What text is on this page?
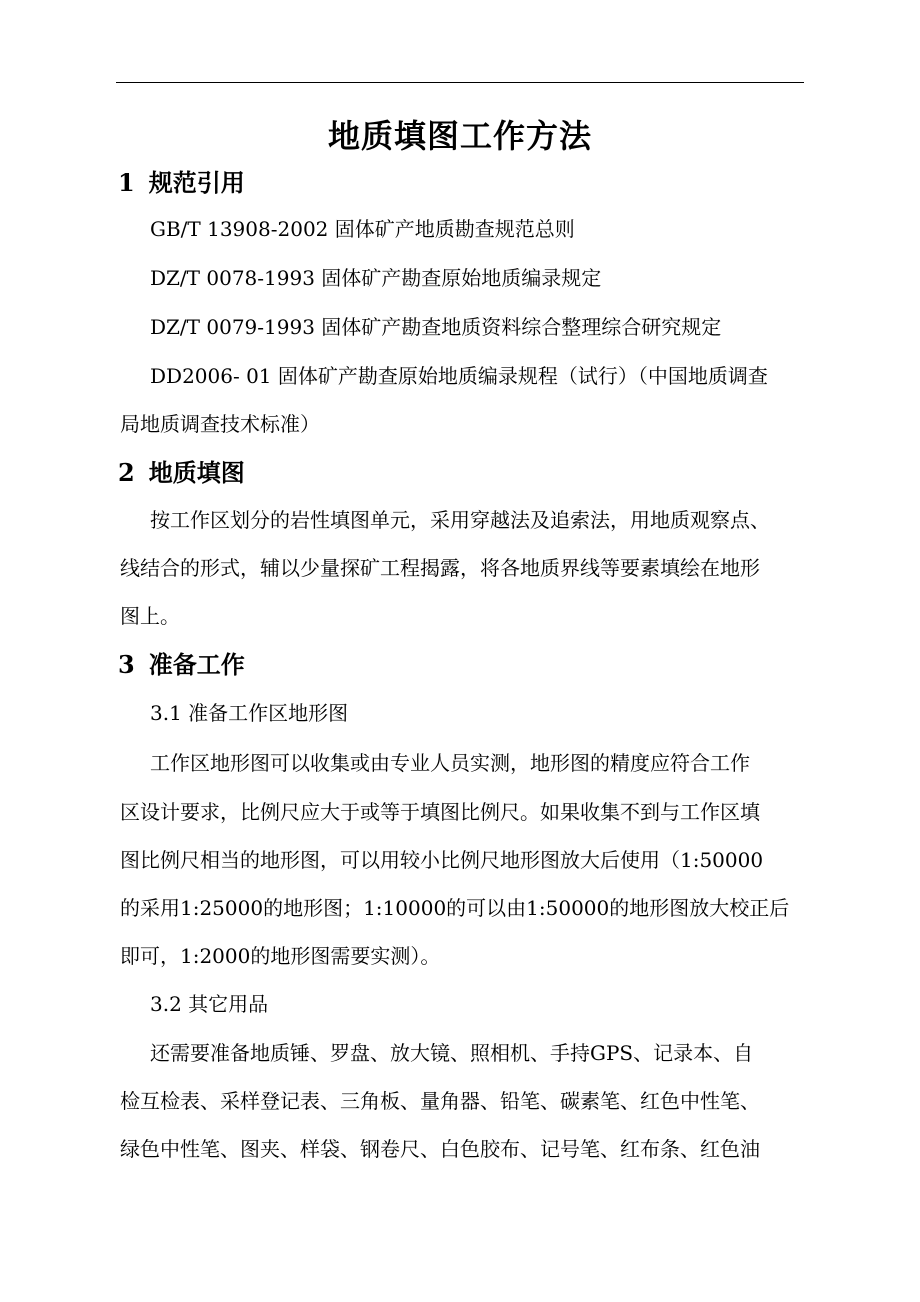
地质填图工作方法
1 规范引用
GB/T 13908-2002 固体矿产地质勘查规范总则
DZ/T 0078-1993 固体矿产勘查原始地质编录规定
DZ/T 0079-1993 固体矿产勘查地质资料综合整理综合研究规定
DD2006- 01 固体矿产勘查原始地质编录规程（试行）（中国地质调查
局地质调查技术标准）
2 地质填图
按工作区划分的岩性填图单元，采用穿越法及追索法，用地质观察点、
线结合的形式，辅以少量探矿工程揭露，将各地质界线等要素填绘在地形
图上。
3 准备工作
3.1 准备工作区地形图
工作区地形图可以收集或由专业人员实测，地形图的精度应符合工作
区设计要求，比例尺应大于或等于填图比例尺。如果收集不到与工作区填
图比例尺相当的地形图，可以用较小比例尺地形图放大后使用（1:50000
的采用1:25000的地形图；1:10000的可以由1:50000的地形图放大校正后
即可，1:2000的地形图需要实测）。
3.2 其它用品
还需要准备地质锤、罗盘、放大镜、照相机、手持GPS、记录本、自
检互检表、采样登记表、三角板、量角器、铅笔、碳素笔、红色中性笔、
绿色中性笔、图夹、样袋、钢卷尺、白色胶布、记号笔、红布条、红色油
